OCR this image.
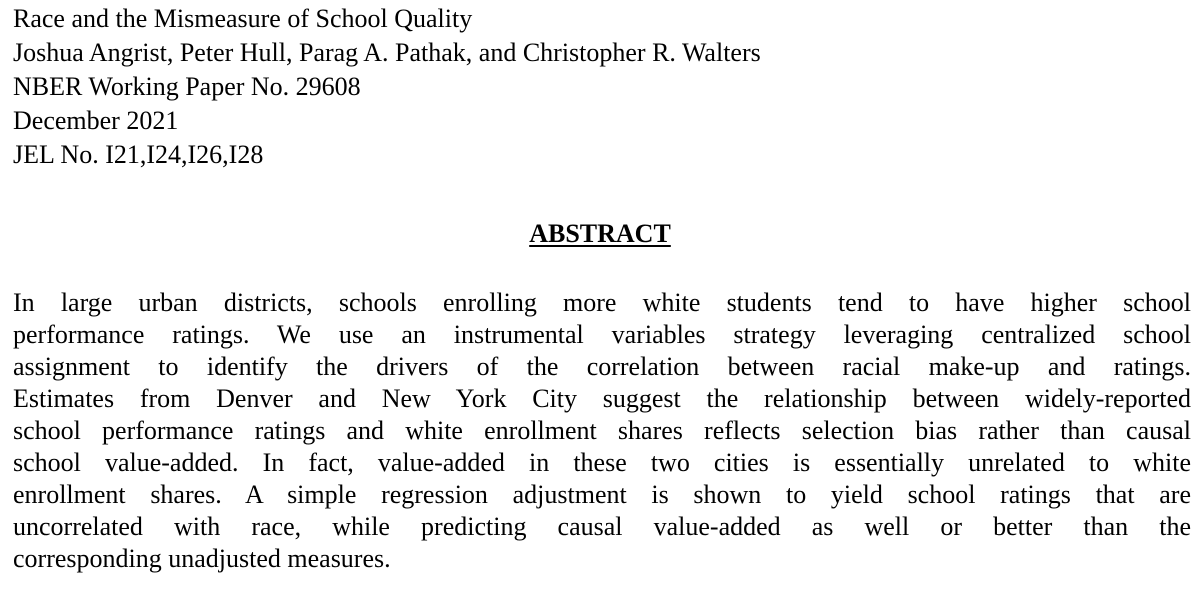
Race and the Mismeasure of School Quality
Joshua Angrist, Peter Hull, Parag A. Pathak, and Christopher R. Walters
NBER Working Paper No. 29608
December 2021
JEL No. I21,I24,I26,I28
ABSTRACT
In large urban districts, schools enrolling more white students tend to have higher school
performance ratings. We use an instrumental variables strategy leveraging centralized school
assignment to identify the drivers of the correlation between racial make-up and ratings.
Estimates from Denver and New York City suggest the relationship between widely-reported
school performance ratings and white enrollment shares reflects selection bias rather than causal
school value-added. In fact, value-added in these two cities is essentially unrelated to white
enrollment shares. A simple regression adjustment is shown to yield school ratings that are
uncorrelated with race, while predicting causal value-added as well or better than the
corresponding unadjusted measures.
